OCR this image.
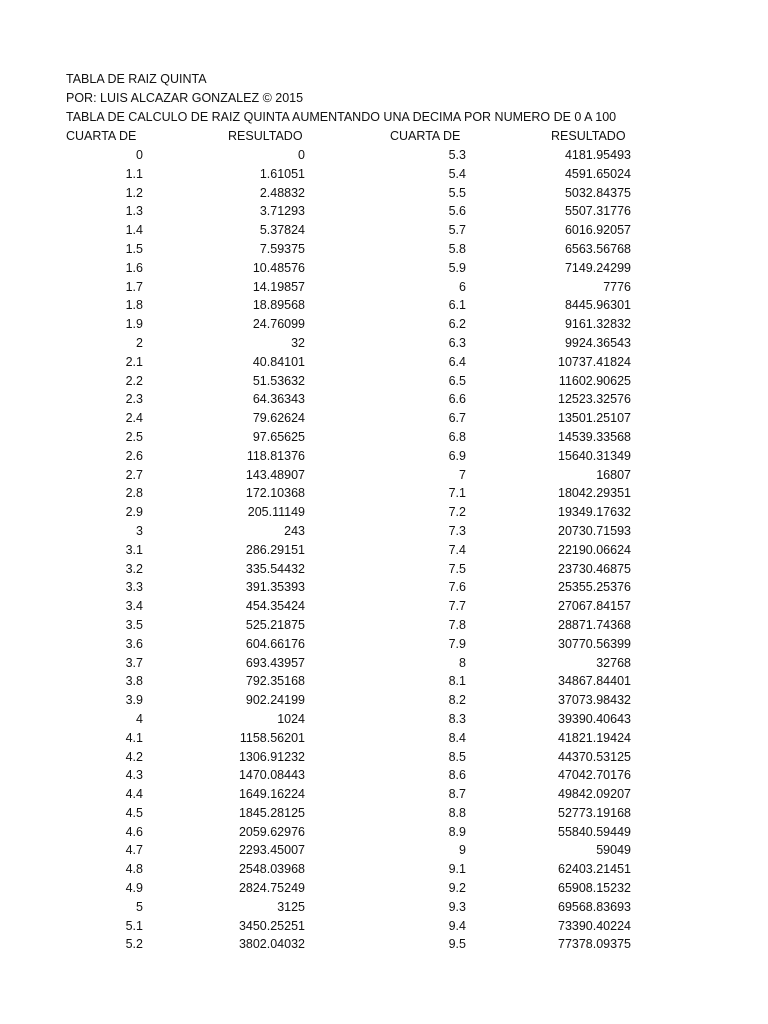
TABLA DE RAIZ QUINTA
POR: LUIS ALCAZAR GONZALEZ © 2015
TABLA DE CALCULO DE RAIZ QUINTA AUMENTANDO UNA DECIMA POR NUMERO DE 0 A 100
CUARTA DE	RESULTADO	CUARTA DE	RESULTADO
0	0	5.3	4181.95493
1.1	1.61051	5.4	4591.65024
1.2	2.48832	5.5	5032.84375
1.3	3.71293	5.6	5507.31776
1.4	5.37824	5.7	6016.92057
1.5	7.59375	5.8	6563.56768
1.6	10.48576	5.9	7149.24299
1.7	14.19857	6	7776
1.8	18.89568	6.1	8445.96301
1.9	24.76099	6.2	9161.32832
2	32	6.3	9924.36543
2.1	40.84101	6.4	10737.41824
2.2	51.53632	6.5	11602.90625
2.3	64.36343	6.6	12523.32576
2.4	79.62624	6.7	13501.25107
2.5	97.65625	6.8	14539.33568
2.6	118.81376	6.9	15640.31349
2.7	143.48907	7	16807
2.8	172.10368	7.1	18042.29351
2.9	205.11149	7.2	19349.17632
3	243	7.3	20730.71593
3.1	286.29151	7.4	22190.06624
3.2	335.54432	7.5	23730.46875
3.3	391.35393	7.6	25355.25376
3.4	454.35424	7.7	27067.84157
3.5	525.21875	7.8	28871.74368
3.6	604.66176	7.9	30770.56399
3.7	693.43957	8	32768
3.8	792.35168	8.1	34867.84401
3.9	902.24199	8.2	37073.98432
4	1024	8.3	39390.40643
4.1	1158.56201	8.4	41821.19424
4.2	1306.91232	8.5	44370.53125
4.3	1470.08443	8.6	47042.70176
4.4	1649.16224	8.7	49842.09207
4.5	1845.28125	8.8	52773.19168
4.6	2059.62976	8.9	55840.59449
4.7	2293.45007	9	59049
4.8	2548.03968	9.1	62403.21451
4.9	2824.75249	9.2	65908.15232
5	3125	9.3	69568.83693
5.1	3450.25251	9.4	73390.40224
5.2	3802.04032	9.5	77378.09375
